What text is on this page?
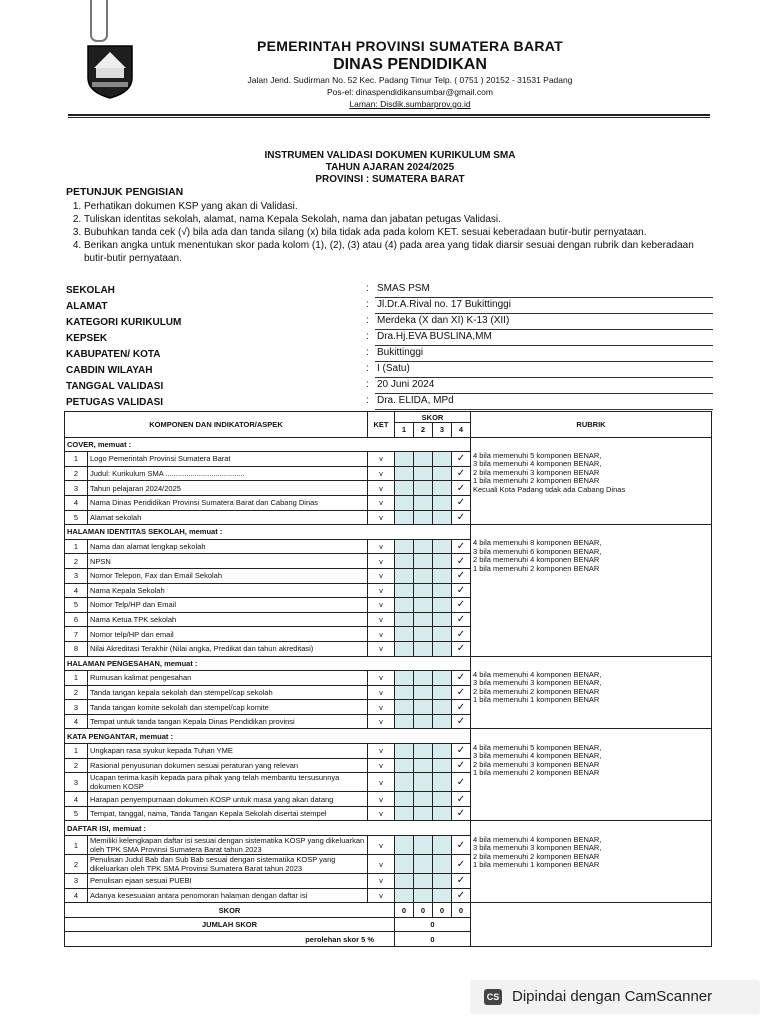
PEMERINTAH PROVINSI SUMATERA BARAT
DINAS PENDIDIKAN
Jalan Jend. Sudirman No. 52 Kec. Padang Timur Telp. ( 0751 ) 20152 - 31531 Padang
Pos-el: dinaspendidikansumbar@gmail.com
Laman: Disdik.sumbarprov.go.id
INSTRUMEN VALIDASI DOKUMEN KURIKULUM SMA
TAHUN AJARAN 2024/2025
PROVINSI : SUMATERA BARAT
PETUNJUK PENGISIAN
1. Perhatikan dokumen KSP yang akan di Validasi.
2. Tuliskan identitas sekolah, alamat, nama Kepala Sekolah, nama dan jabatan petugas Validasi.
3. Bubuhkan tanda cek (√) bila ada dan tanda silang (x) bila tidak ada pada kolom KET. sesuai keberadaan butir-butir pernyataan.
4. Berikan angka untuk menentukan skor pada kolom (1), (2), (3) atau (4) pada area yang tidak diarsir sesuai dengan rubrik dan keberadaan butir-butir pernyataan.
SEKOLAH	: SMAS PSM
ALAMAT	: Jl.Dr.A.Rival no. 17 Bukittinggi
KATEGORI KURIKULUM	: Merdeka (X dan XI) K-13 (XII)
KEPSEK	: Dra.Hj.EVA BUSLINA,MM
KABUPATEN/ KOTA	: Bukittinggi
CABDIN WILAYAH	: I (Satu)
TANGGAL VALIDASI	: 20 Juni 2024
PETUGAS VALIDASI	: Dra. ELIDA, MPd
KOMPONEN DAN INDIKATOR/ASPEK		KET	SKOR				RUBRIK
			1	2	3	4	
COVER, memuat :							
1	Logo Pemerintah Provinsi Sumatera Barat	v				✓	4 bila memenuhi 5 komponen BENAR,
3 bila memenuhi 4 komponen BENAR,
2 bila memenuhi 3 komponen BENAR
1 bila memenuhi 2 komponen BENAR
Kecuali Kota Padang tidak ada Cabang Dinas

2	Judul: Kurikulum SMA ......................................	v				✓	
3	Tahun pelajaran 2024/2025	v				✓	
4	Nama Dinas Pendidikan Provinsi Sumatera Barat dan Cabang Dinas	v				✓	
5	Alamat sekolah	v				✓	
HALAMAN IDENTITAS SEKOLAH, memuat :							
1	Nama dan alamat lengkap sekolah	v				✓	4 bila memenuhi 8 komponen BENAR,
3 bila memenuhi 6 komponen BENAR,
2 bila memenuhi 4 komponen BENAR
1 bila memenuhi 2 komponen BENAR

2	NPSN	v				✓	
3	Nomor Telepon, Fax dan Email Sekolah	v				✓	
4	Nama Kepala Sekolah	v				✓	
5	Nomor Telp/HP dan Email	v				✓	
6	Nama Ketua TPK sekolah	v				✓	
7	Nomor telp/HP dan email	v				✓	
8	Nilai Akreditasi Terakhir (Nilai angka, Predikat dan tahun akreditasi)	v				✓	
HALAMAN PENGESAHAN, memuat :							
1	Rumusan kalimat pengesahan	v				✓	4 bila memenuhi 4 komponen BENAR,
3 bila memenuhi 3 komponen BENAR,
2 bila memenuhi 2 komponen BENAR
1 bila memenuhi 1 komponen BENAR

2	Tanda tangan kepala sekolah dan stempel/cap sekolah	v				✓	
3	Tanda tangan komite sekolah dan stempel/cap komite	v				✓	
4	Tempat untuk tanda tangan Kepala Dinas Pendidikan provinsi	v				✓	
KATA PENGANTAR, memuat :							
1	Ungkapan rasa syukur kepada Tuhan YME	v				✓	4 bila memenuhi 5 komponen BENAR,
3 bila memenuhi 4 komponen BENAR,
2 bila memenuhi 3 komponen BENAR
1 bila memenuhi 2 komponen BENAR

2	Rasional penyusunan dokumen sesuai peraturan yang relevan	v				✓	
3	Ucapan terima kasih kepada para pihak yang telah membantu tersusunnya dokumen KOSP	v				✓	
4	Harapan penyempurnaan dokumen KOSP untuk masa yang akan datang	v				✓	
5	Tempat, tanggal, nama, Tanda Tangan Kepala Sekolah disertai stempel	v				✓	
DAFTAR ISI, memuat :							
1	Memiliki kelengkapan daftar isi sesuai dengan sistematika KOSP yang dikeluarkan oleh TPK SMA Provinsi Sumatera Barat tahun 2023	v				✓	4 bila memenuhi 4 komponen BENAR,
3 bila memenuhi 3 komponen BENAR,
2 bila memenuhi 2 komponen BENAR
1 bila memenuhi 1 komponen BENAR

2	Penulisan Judul Bab dan Sub Bab sesuai dengan sistematika KOSP yang dikeluarkan oleh TPK SMA Provinsi Sumatera Barat tahun 2023	v				✓	
3	Penulisan ejaan sesuai PUEBI	v				✓	
4	Adanya kesesuaian antara penomoran halaman dengan daftar isi	v				✓	
SKOR			0	0	0	0	
JUMLAH SKOR			0				
perolehan skor 5 %			0				
CS Dipindai dengan CamScanner
